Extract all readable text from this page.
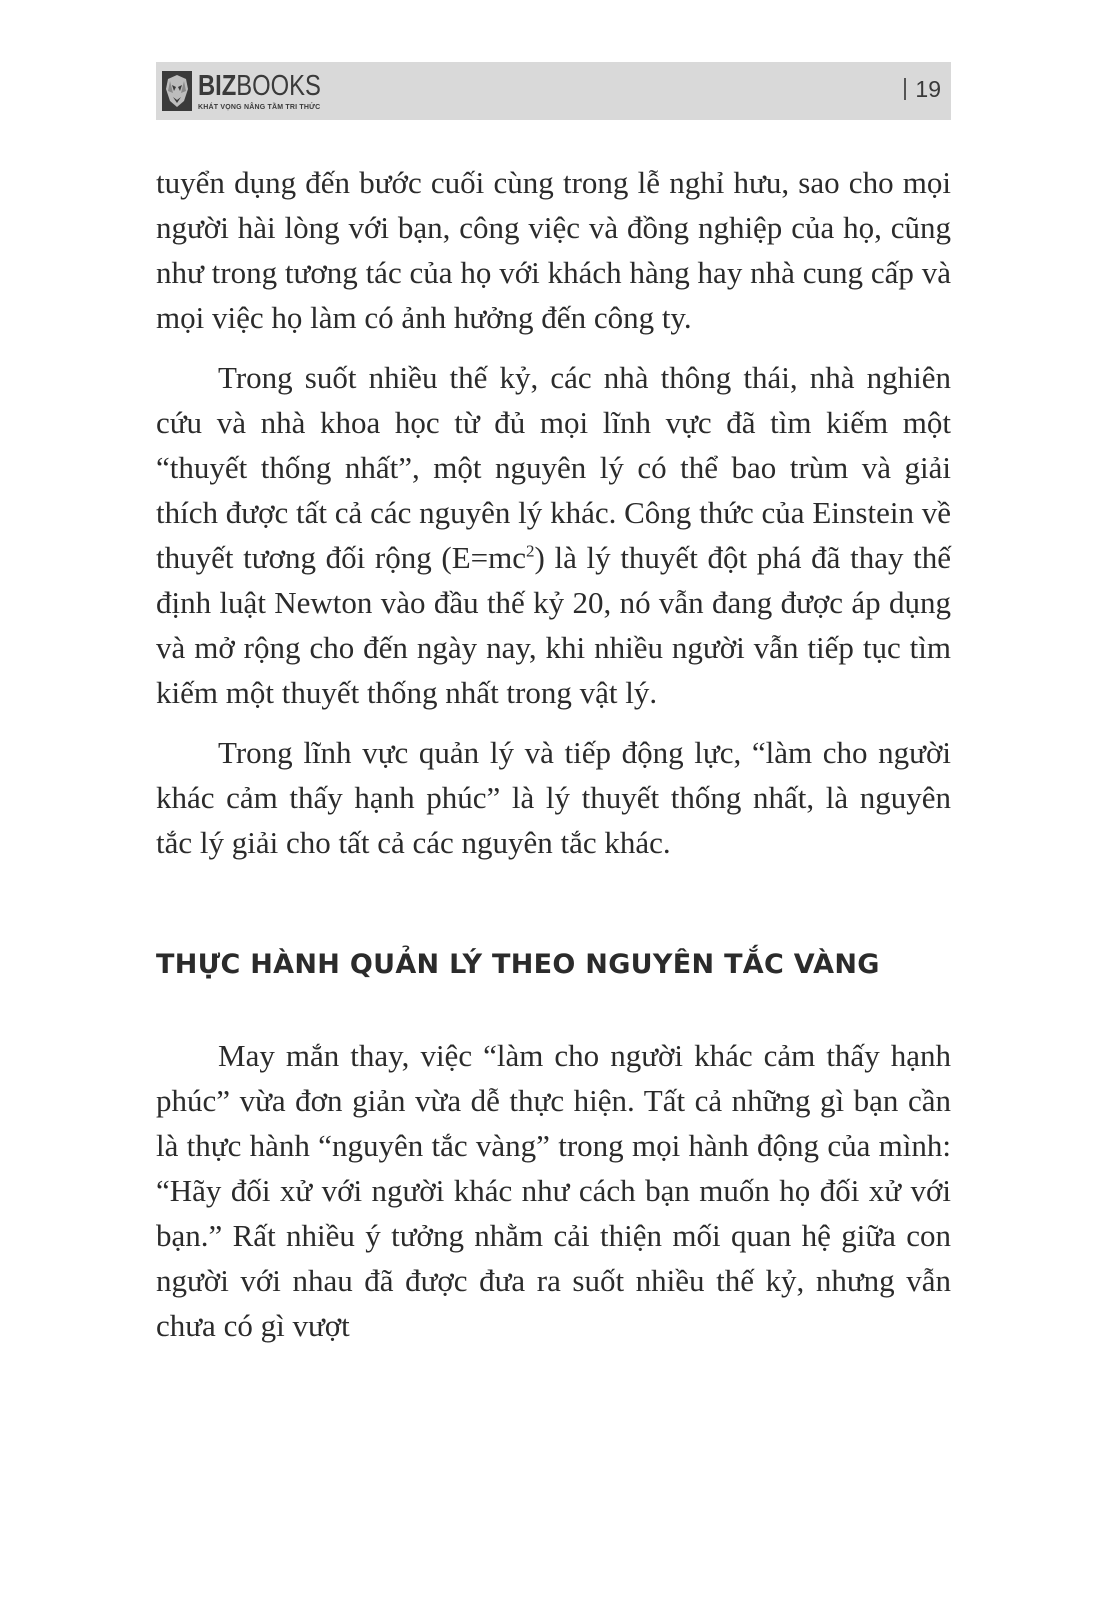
BIZBOOKS
KHÁT VỌNG NÂNG TẦM TRI THỨC
19

tuyển dụng đến bước cuối cùng trong lễ nghỉ hưu, sao cho mọi người hài lòng với bạn, công việc và đồng nghiệp của họ, cũng như trong tương tác của họ với khách hàng hay nhà cung cấp và mọi việc họ làm có ảnh hưởng đến công ty.

Trong suốt nhiều thế kỷ, các nhà thông thái, nhà nghiên cứu và nhà khoa học từ đủ mọi lĩnh vực đã tìm kiếm một “thuyết thống nhất”, một nguyên lý có thể bao trùm và giải thích được tất cả các nguyên lý khác. Công thức của Einstein về thuyết tương đối rộng $(E=mc^2)$ là lý thuyết đột phá đã thay thế định luật Newton vào đầu thế kỷ 20, nó vẫn đang được áp dụng và mở rộng cho đến ngày nay, khi nhiều người vẫn tiếp tục tìm kiếm một thuyết thống nhất trong vật lý.

Trong lĩnh vực quản lý và tiếp động lực, “làm cho người khác cảm thấy hạnh phúc” là lý thuyết thống nhất, là nguyên tắc lý giải cho tất cả các nguyên tắc khác.

THỰC HÀNH QUẢN LÝ THEO NGUYÊN TẮC VÀNG

May mắn thay, việc “làm cho người khác cảm thấy hạnh phúc” vừa đơn giản vừa dễ thực hiện. Tất cả những gì bạn cần là thực hành “nguyên tắc vàng” trong mọi hành động của mình: “Hãy đối xử với người khác như cách bạn muốn họ đối xử với bạn.” Rất nhiều ý tưởng nhằm cải thiện mối quan hệ giữa con người với nhau đã được đưa ra suốt nhiều thế kỷ, nhưng vẫn chưa có gì vượt
